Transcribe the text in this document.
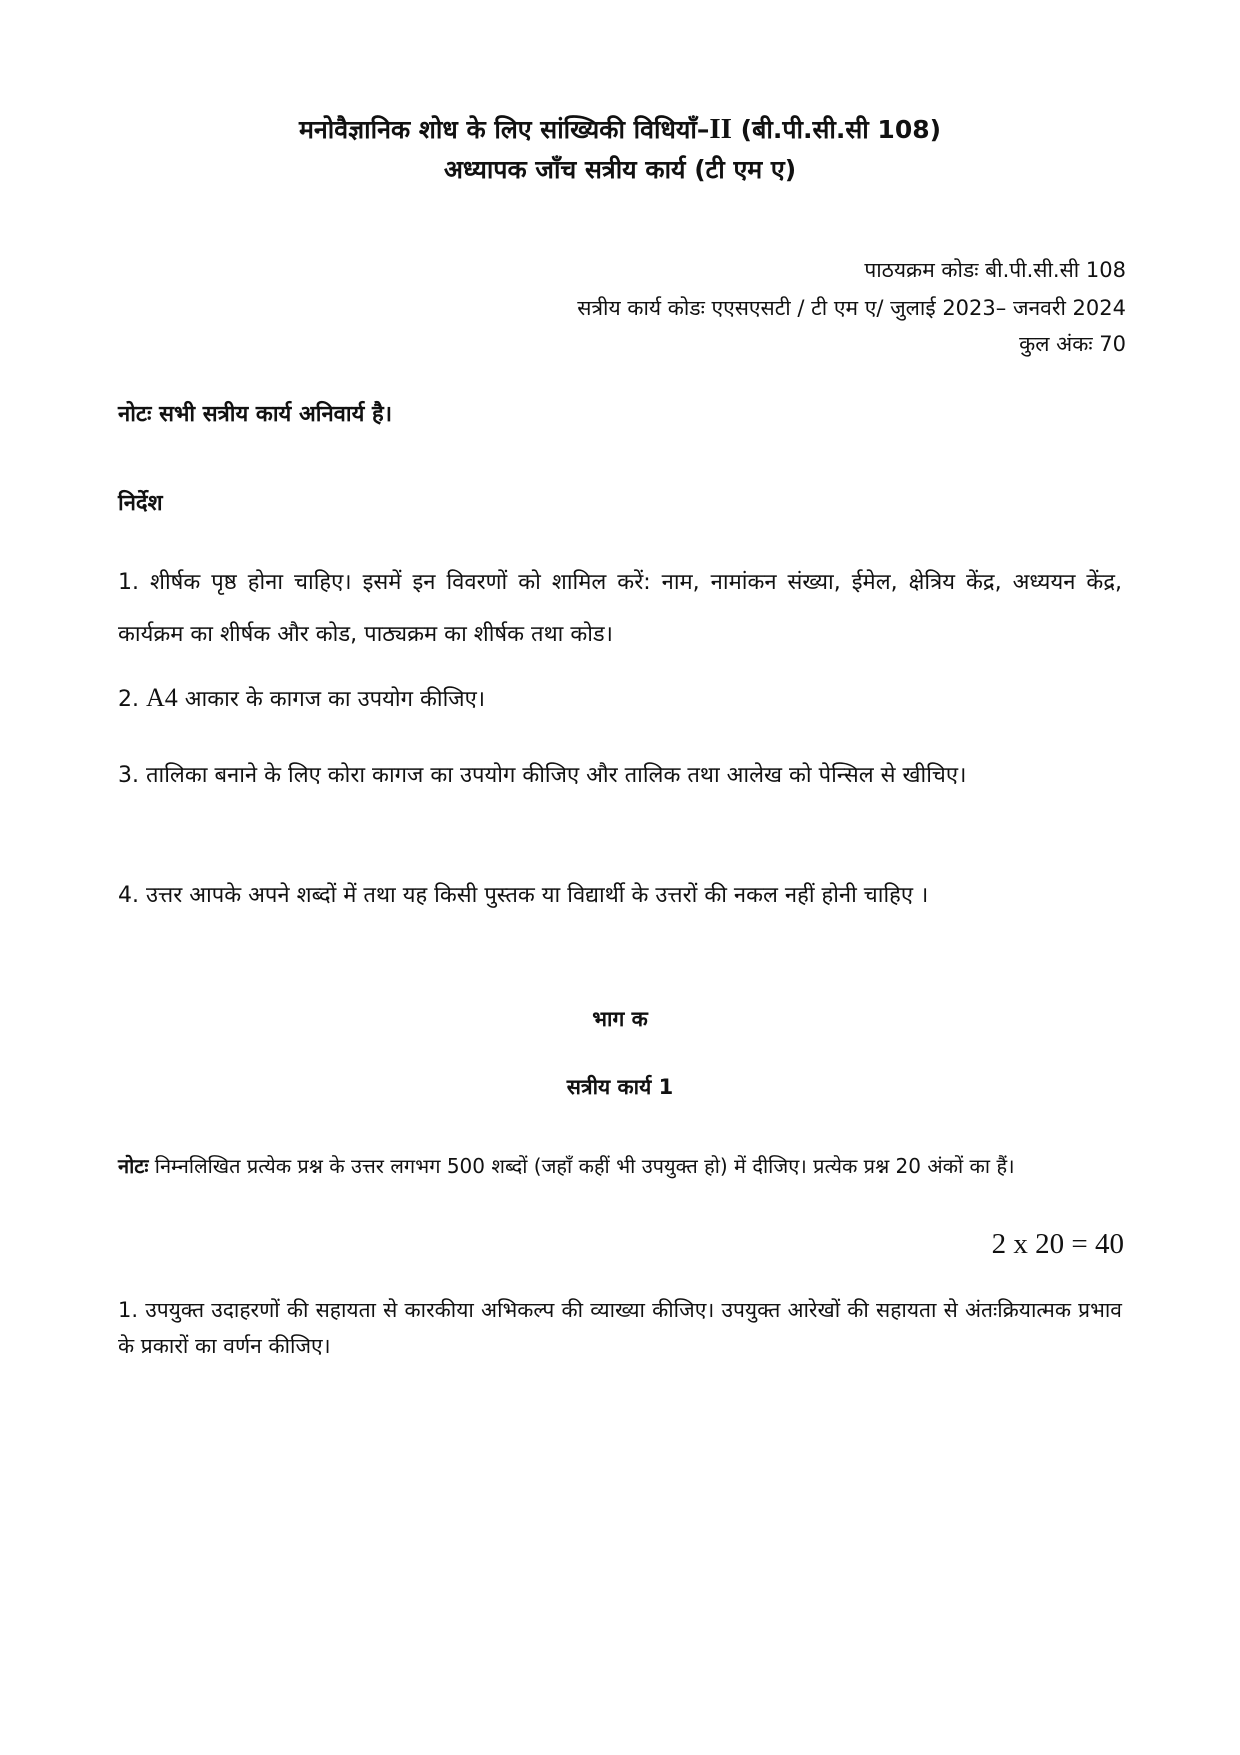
मनोवैज्ञानिक शोध के लिए सांख्यिकी विधियाँ–II (बी.पी.सी.सी 108)
अध्यापक जाँच सत्रीय कार्य (टी एम ए)
पाठयक्रम कोडः बी.पी.सी.सी 108
सत्रीय कार्य कोडः एएसएसटी / टी एम ए/ जुलाई 2023– जनवरी 2024
कुल अंकः 70
नोटः सभी सत्रीय कार्य अनिवार्य है।
निर्देश
1. शीर्षक पृष्ठ होना चाहिए। इसमें इन विवरणों को शामिल करें: नाम, नामांकन संख्या, ईमेल, क्षेत्रिय केंद्र, अध्ययन केंद्र, कार्यक्रम का शीर्षक और कोड, पाठ्यक्रम का शीर्षक तथा कोड।
2. A4 आकार के कागज का उपयोग कीजिए।
3. तालिका बनाने के लिए कोरा कागज का उपयोग कीजिए और तालिक तथा आलेख को पेन्सिल से खीचिए।
4. उत्तर आपके अपने शब्दों में तथा यह किसी पुस्तक या विद्यार्थी के उत्तरों की नकल नहीं होनी चाहिए ।
भाग क
सत्रीय कार्य 1
नोटः निम्नलिखित प्रत्येक प्रश्न के उत्तर लगभग 500 शब्दों (जहाँ कहीं भी उपयुक्त हो) में दीजिए। प्रत्येक प्रश्न 20 अंकों का हैं।
2 x 20 = 40
1. उपयुक्त उदाहरणों की सहायता से कारकीया अभिकल्प की व्याख्या कीजिए। उपयुक्त आरेखों की सहायता से अंतःक्रियात्मक प्रभाव के प्रकारों का वर्णन कीजिए।
